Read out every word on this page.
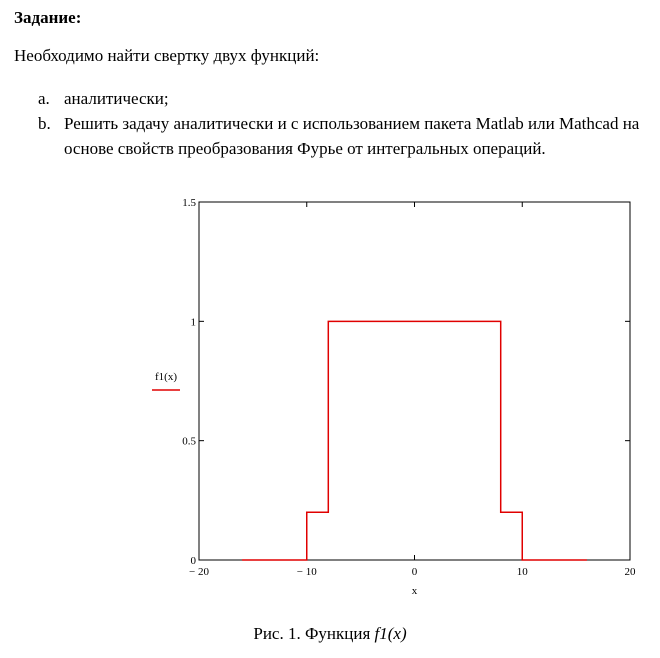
Задание:
Необходимо найти свертку двух функций:
a. аналитически;
b. Решить задачу аналитически и с использованием пакета Matlab или Mathcad на основе свойств преобразования Фурье от интегральных операций.
− 20	− 10	0	10	20
0
0.5
1
1.5
x
f1(x)
Рис. 1. Функция f1(x)
